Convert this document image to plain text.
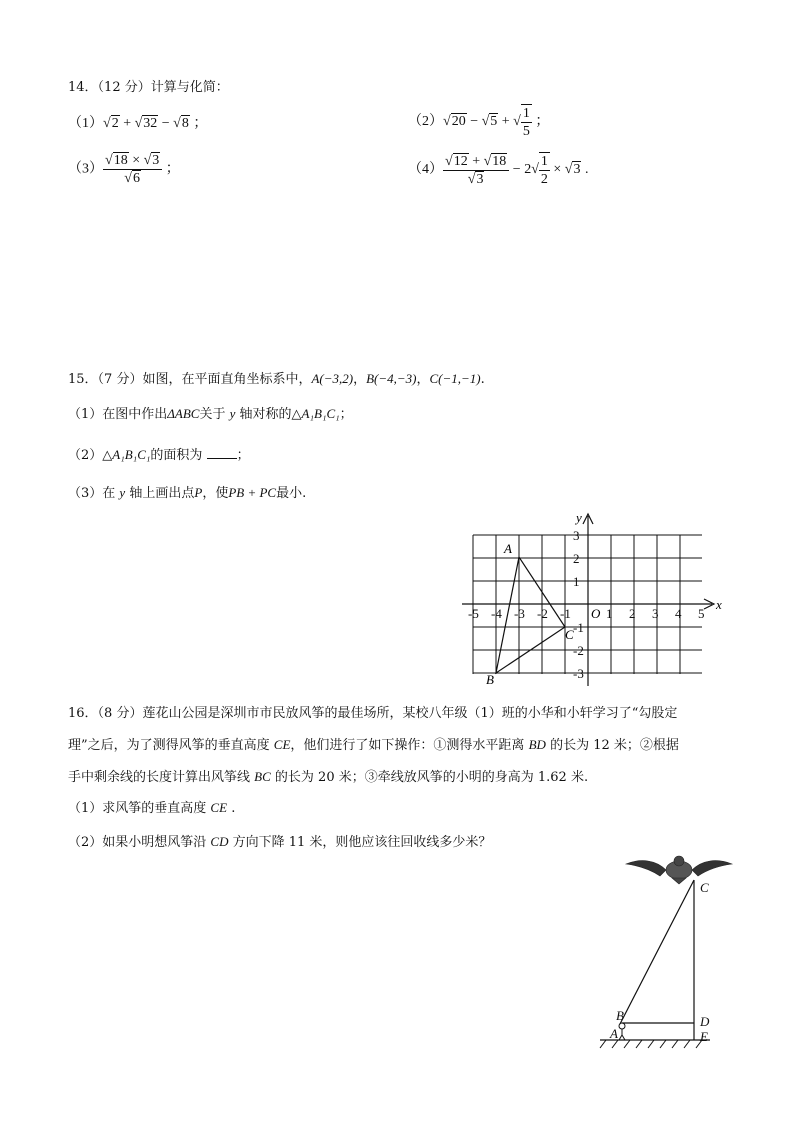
14．（12 分）计算与化简：
（1）√2 + √32 − √8 ；	（2）√20 − √5 + √ $\frac{1}{5}$ ；
$(3) \frac{√18 \times √3}{√6}$ ；	$(4) \frac{√12 + √18}{√3} - 2√ \frac{1}{2} \times √3$ .
15．（7 分）如图，在平面直角坐标系中，A(−3,2)，B(−4,−3)，C(−1,−1).
（1）在图中作出ΔABC关于 y 轴对称的△A₁B₁C₁；
（2）△A₁B₁C₁的面积为	；
（3）在 y 轴上画出点P，使PB + PC最小.
-5 -4 -3 -2 -1	1 2 3 4 5
3
2
1
-1
-2
-3
O
x
y
A
B
C
16．（8 分）莲花山公园是深圳市市民放风筝的最佳场所，某校八年级（1）班的小华和小轩学习了“勾股定
理”之后，为了测得风筝的垂直高度 CE，他们进行了如下操作：①测得水平距离 BD 的长为 12 米；②根据
手中剩余线的长度计算出风筝线 BC 的长为 20 米；③牵线放风筝的小明的身高为 1.62 米.
（1）求风筝的垂直高度 CE .
（2）如果小明想风筝沿 CD 方向下降 11 米，则他应该往回收线多少米？
C
B
A
D
E
